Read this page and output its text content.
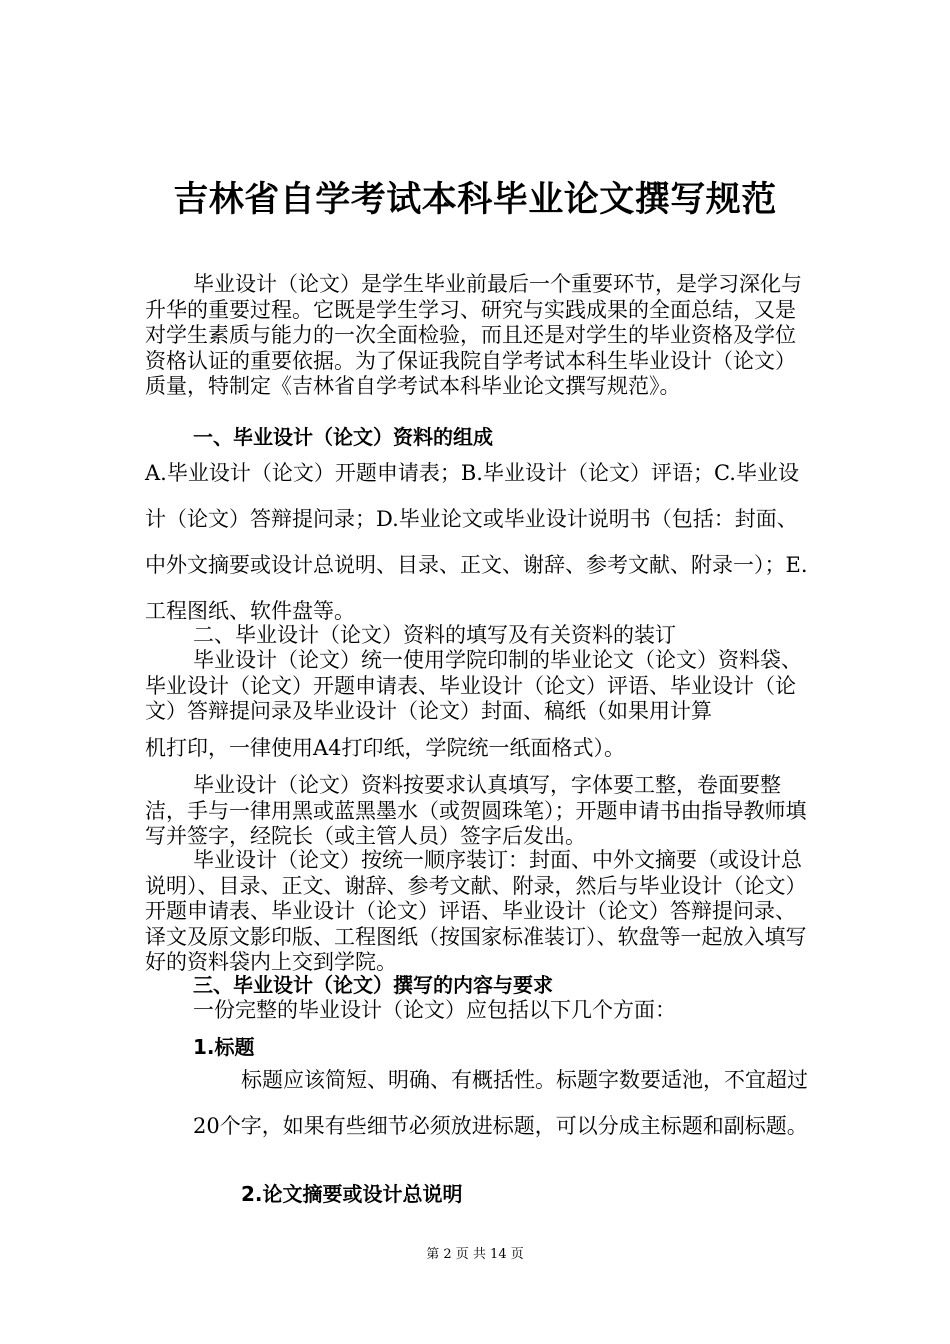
吉林省自学考试本科毕业论文撰写规范
毕业设计（论文）是学生毕业前最后一个重要环节，是学习深化与升华的重要过程。它既是学生学习、研究与实践成果的全面总结，又是对学生素质与能力的一次全面检验，而且还是对学生的毕业资格及学位资格认证的重要依据。为了保证我院自学考试本科生毕业设计（论文）质量，特制定《吉林省自学考试本科毕业论文撰写规范》。
一、毕业设计（论文）资料的组成
A.毕业设计（论文）开题申请表；B.毕业设计（论文）评语；C.毕业设计（论文）答辩提问录；D.毕业论文或毕业设计说明书（包括：封面、中外文摘要或设计总说明、目录、正文、谢辞、参考文献、附录一）；E.工程图纸、软件盘等。
二、毕业设计（论文）资料的填写及有关资料的装订
毕业设计（论文）统一使用学院印制的毕业论文（论文）资料袋、毕业设计（论文）开题申请表、毕业设计（论文）评语、毕业设计（论文）答辩提问录及毕业设计（论文）封面、稿纸（如果用计算
机打印，一律使用A4打印纸，学院统一纸面格式）。
毕业设计（论文）资料按要求认真填写，字体要工整，卷面要整洁，手与一律用黑或蓝黑墨水（或贺圆珠笔）；开题申请书由指导教师填写并签字，经院长（或主管人员）签字后发出。
毕业设计（论文）按统一顺序装订：封面、中外文摘要（或设计总说明）、目录、正文、谢辞、参考文献、附录，然后与毕业设计（论文）开题申请表、毕业设计（论文）评语、毕业设计（论文）答辩提问录、译文及原文影印版、工程图纸（按国家标准装订）、软盘等一起放入填写好的资料袋内上交到学院。
三、毕业设计（论文）撰写的内容与要求
一份完整的毕业设计（论文）应包括以下几个方面：
1.标题
标题应该简短、明确、有概括性。标题字数要适池，不宜超过20个字，如果有些细节必须放进标题，可以分成主标题和副标题。
2.论文摘要或设计总说明
第 2 页 共 14 页
